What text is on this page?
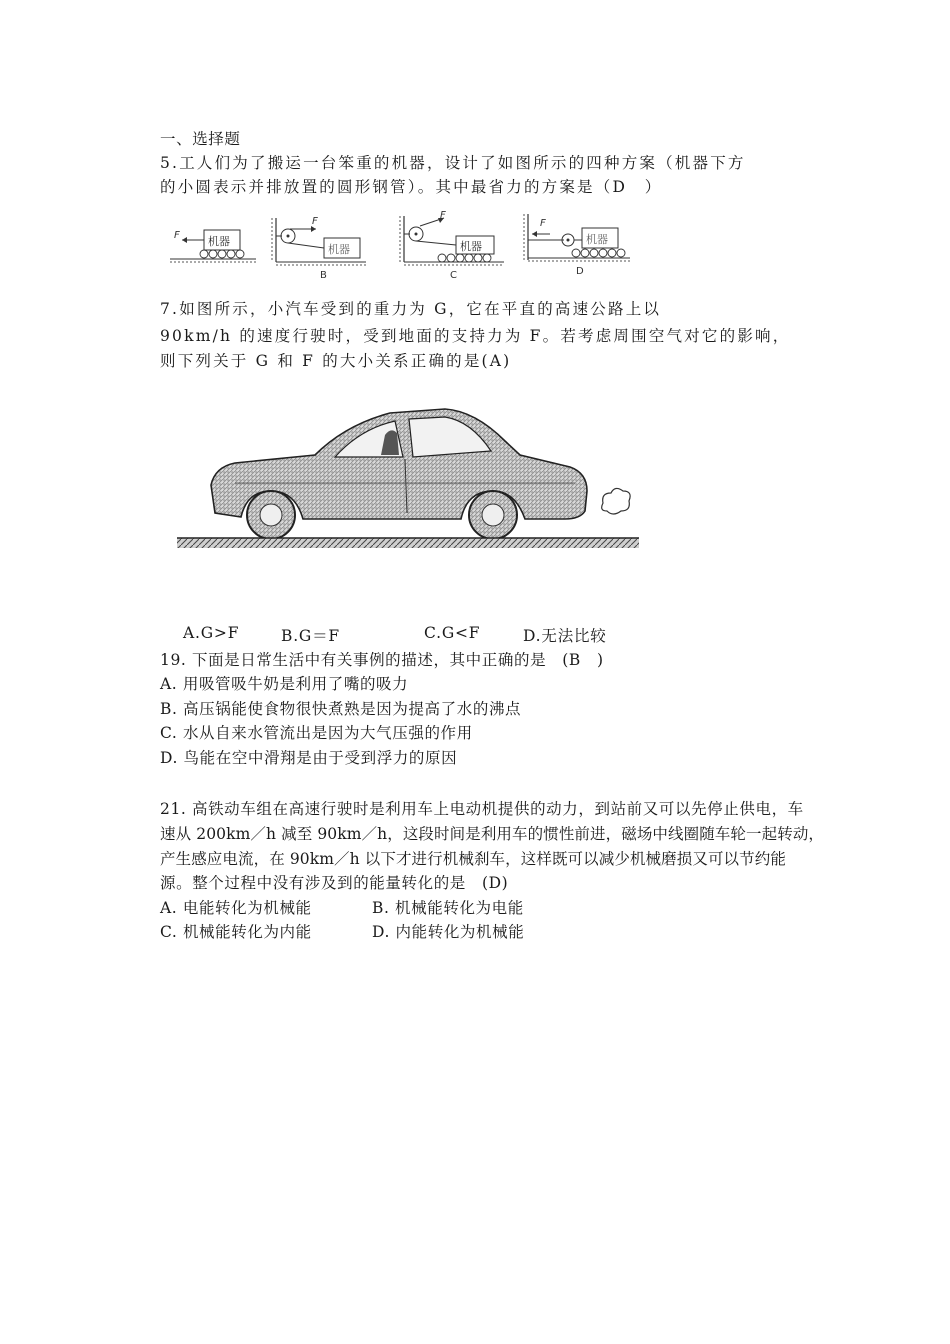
一、选择题
5.工人们为了搬运一台笨重的机器，设计了如图所示的四种方案（机器下方
的小圆表示并排放置的圆形钢管）。其中最省力的方案是（D　）
机器
F
机器
F
B
机器
F
C
F
机器
D
7.如图所示，小汽车受到的重力为 G，它在平直的高速公路上以
90km/h 的速度行驶时，受到地面的支持力为 F。若考虑周围空气对它的影响，
则下列关于 G 和 F 的大小关系正确的是(A)
A.G>F	B.G＝F	C.G<F	D.无法比较
19. 下面是日常生活中有关事例的描述，其中正确的是　(B　)
A. 用吸管吸牛奶是利用了嘴的吸力
B. 高压锅能使食物很快煮熟是因为提高了水的沸点
C. 水从自来水管流出是因为大气压强的作用
D. 鸟能在空中滑翔是由于受到浮力的原因
21. 高铁动车组在高速行驶时是利用车上电动机提供的动力，到站前又可以先停止供电，车
速从 200km／h 减至 90km／h，这段时间是利用车的惯性前进，磁场中线圈随车轮一起转动，
产生感应电流，在 90km／h 以下才进行机械刹车，这样既可以减少机械磨损又可以节约能
源。整个过程中没有涉及到的能量转化的是　(D)
A. 电能转化为机械能	B. 机械能转化为电能
C. 机械能转化为内能	D. 内能转化为机械能
